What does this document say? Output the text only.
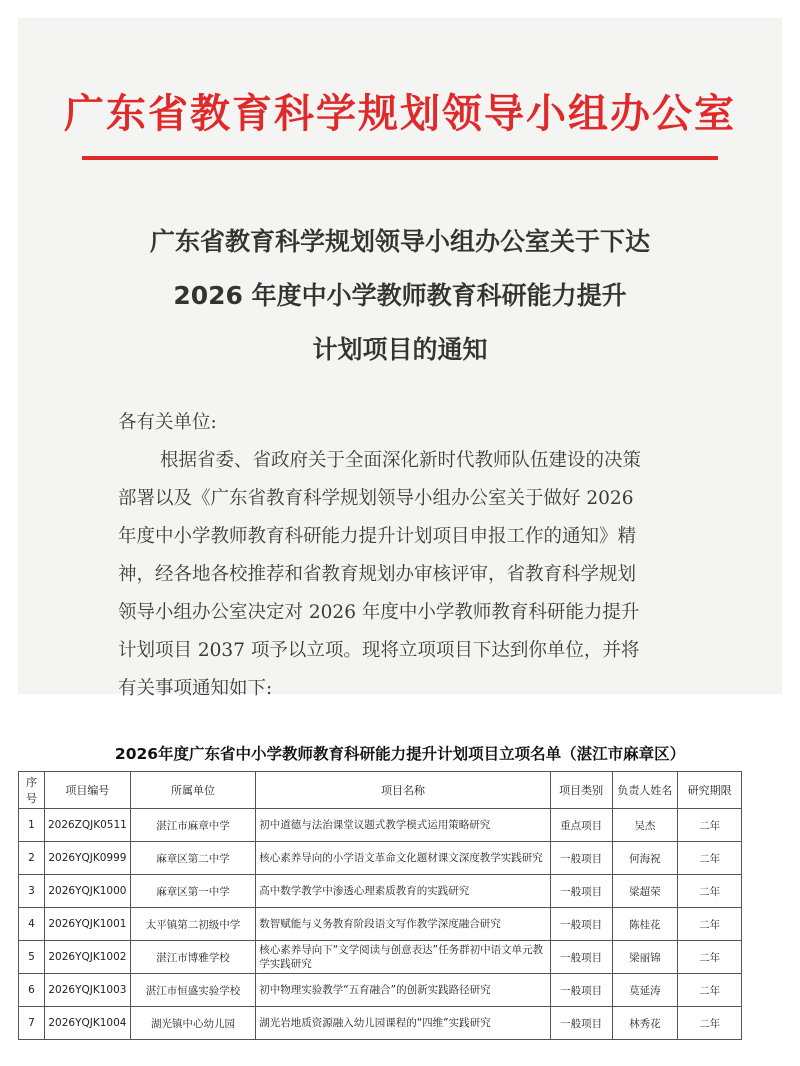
广东省教育科学规划领导小组办公室
广东省教育科学规划领导小组办公室关于下达
2026 年度中小学教师教育科研能力提升
计划项目的通知
各有关单位:
根据省委、省政府关于全面深化新时代教师队伍建设的决策
部署以及《广东省教育科学规划领导小组办公室关于做好 2026
年度中小学教师教育科研能力提升计划项目申报工作的通知》精
神，经各地各校推荐和省教育规划办审核评审，省教育科学规划
领导小组办公室决定对 2026 年度中小学教师教育科研能力提升
计划项目 2037 项予以立项。现将立项项目下达到你单位，并将
有关事项通知如下:
2026年度广东省中小学教师教育科研能力提升计划项目立项名单（湛江市麻章区）
序号	项目编号	所属单位	项目名称	项目类别	负责人姓名	研究期限
1	2026ZQJK0511	湛江市麻章中学	初中道德与法治课堂议题式教学模式运用策略研究	重点项目	吴杰	二年
2	2026YQJK0999	麻章区第二中学	核心素养导向的小学语文革命文化题材课文深度教学实践研究	一般项目	何海祝	二年
3	2026YQJK1000	麻章区第一中学	高中数学教学中渗透心理素质教育的实践研究	一般项目	梁超荣	二年
4	2026YQJK1001	太平镇第二初级中学	数智赋能与义务教育阶段语文写作教学深度融合研究	一般项目	陈桂花	二年
5	2026YQJK1002	湛江市博雅学校	核心素养导向下“文学阅读与创意表达”任务群初中语文单元教学实践研究	一般项目	梁丽锦	二年
6	2026YQJK1003	湛江市恒盛实验学校	初中物理实验教学“五育融合”的创新实践路径研究	一般项目	莫延涛	二年
7	2026YQJK1004	湖光镇中心幼儿园	湖光岩地质资源融入幼儿园课程的“四维”实践研究	一般项目	林秀花	二年
